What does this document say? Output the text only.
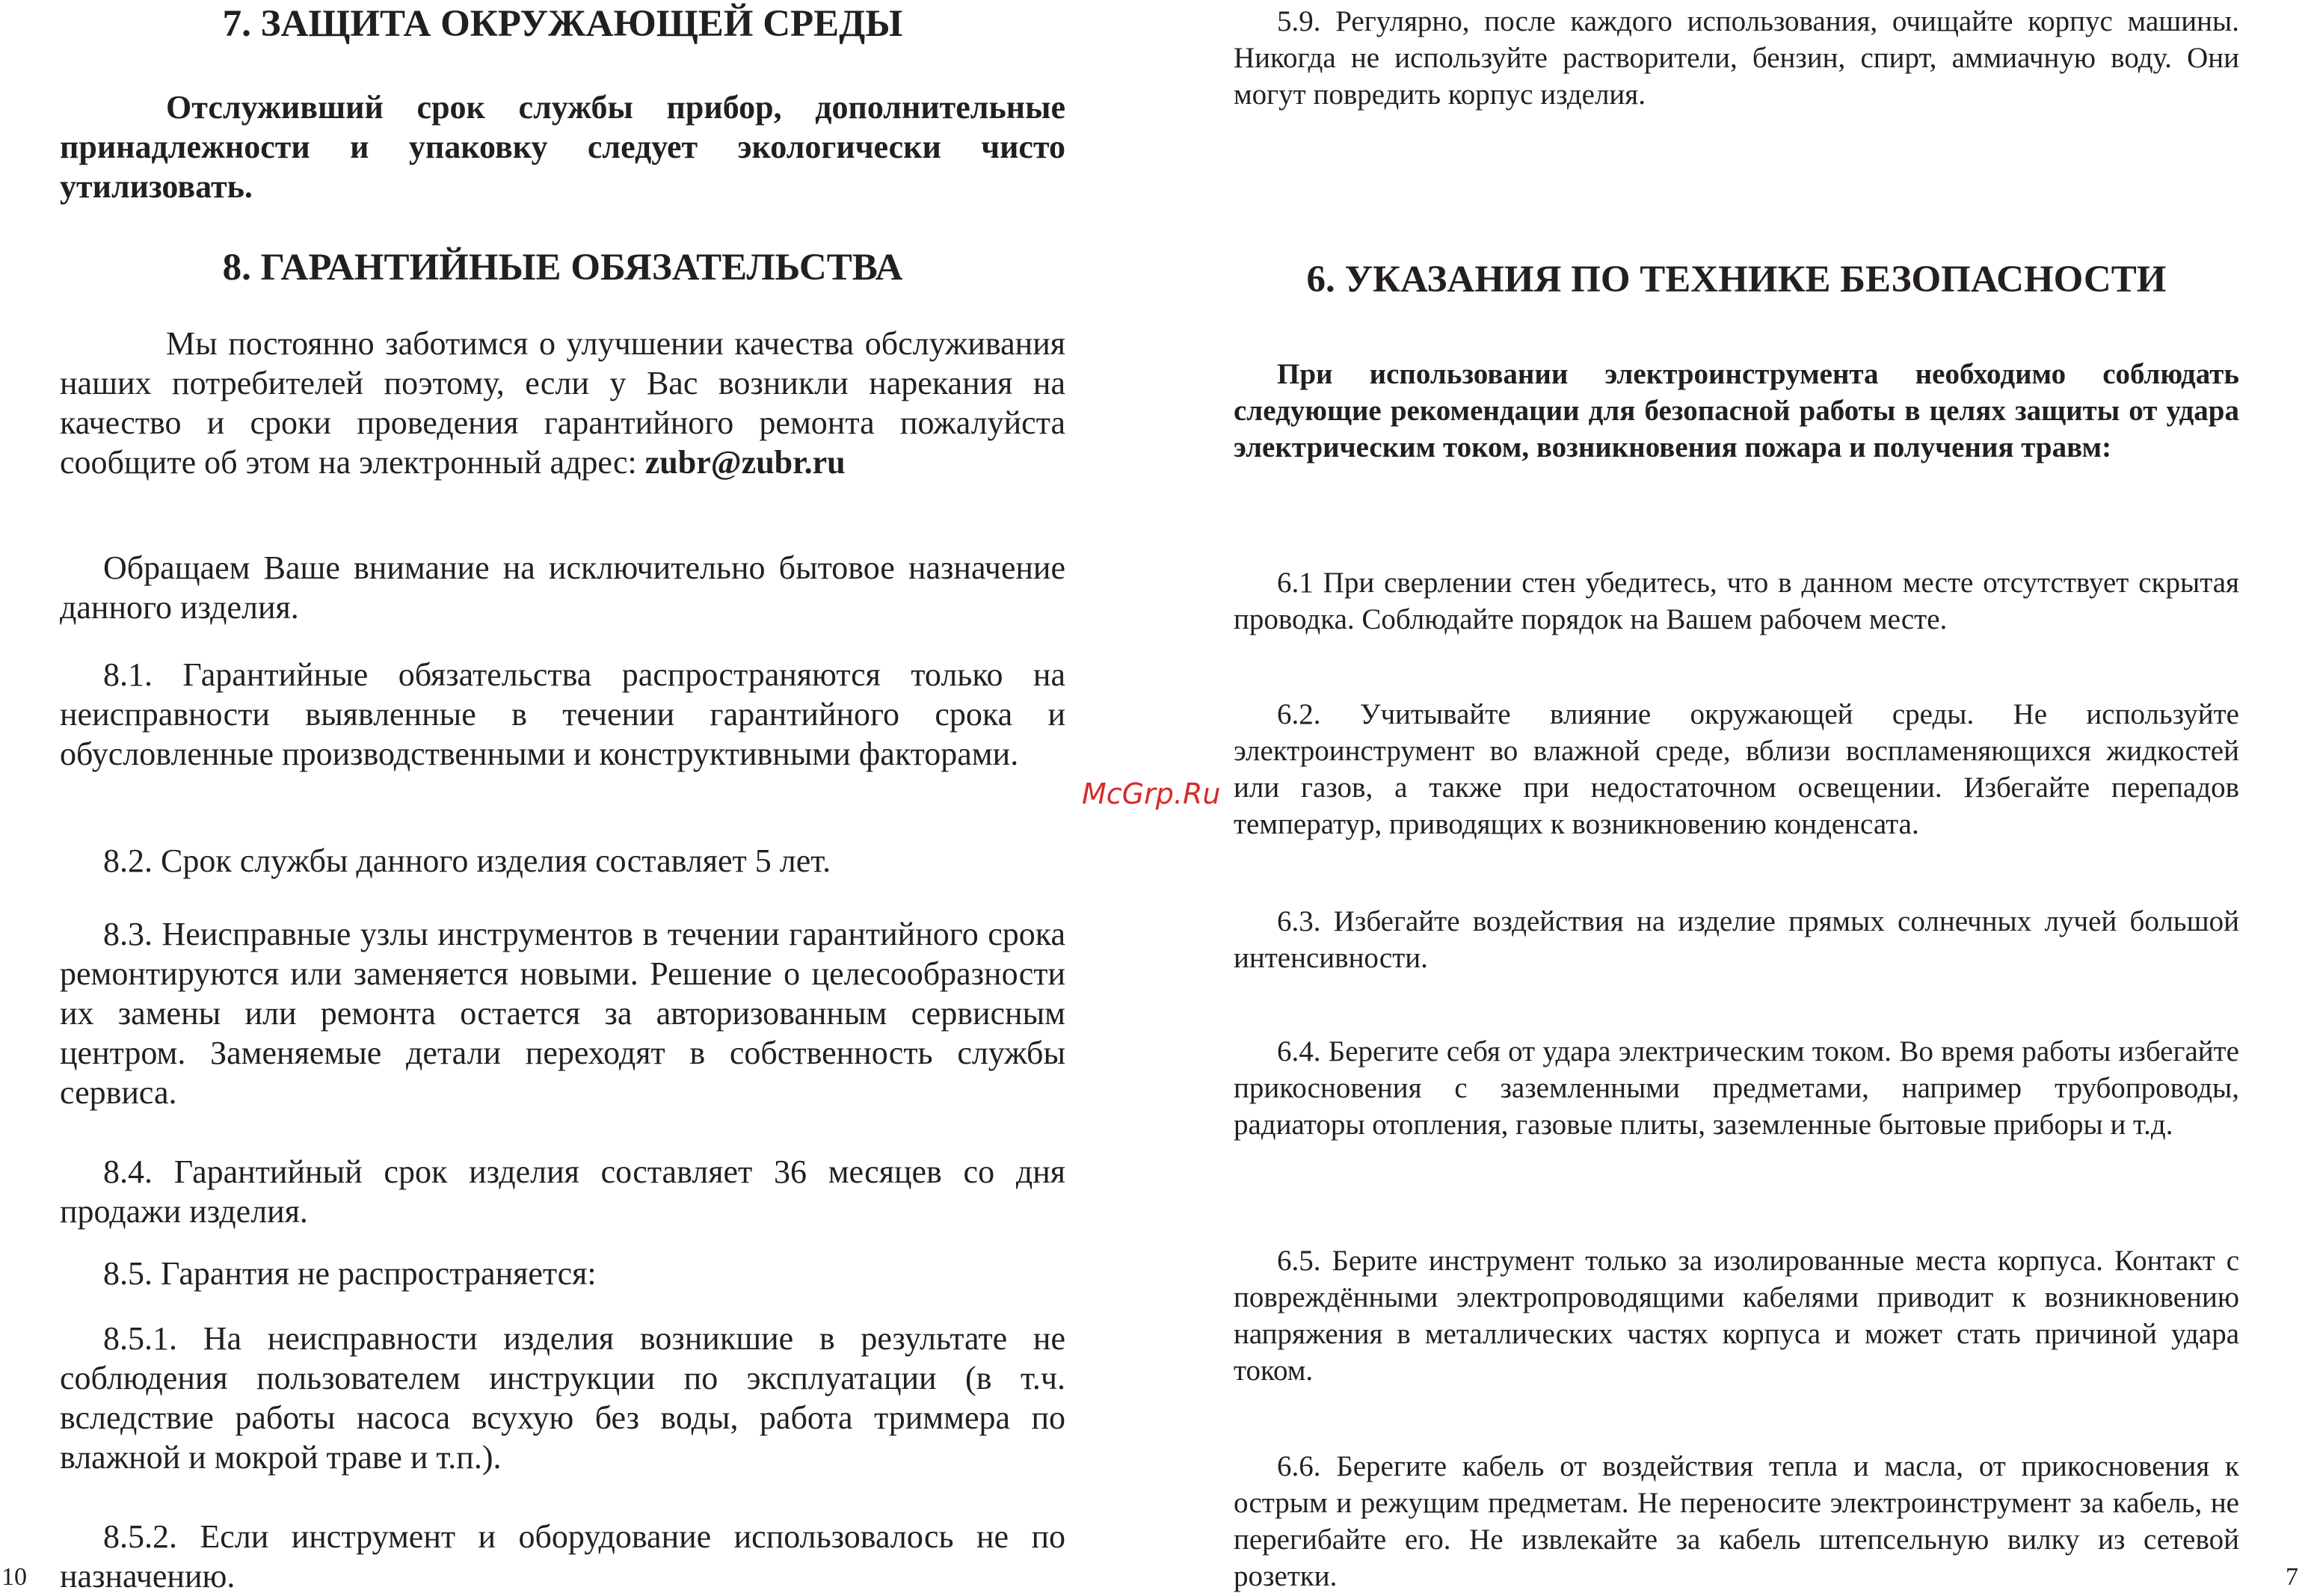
7. ЗАЩИТА ОКРУЖАЮЩЕЙ СРЕДЫ

Отслуживший срок службы прибор, дополнительные принадлежности и упаковку следует экологически чисто утилизовать.

8. ГАРАНТИЙНЫЕ ОБЯЗАТЕЛЬСТВА

Мы постоянно заботимся о улучшении качества обслуживания наших потребителей поэтому, если у Вас возникли нарекания на качество и сроки проведения гарантийного ремонта пожалуйста сообщите об этом на электронный адрес: zubr@zubr.ru

Обращаем Ваше внимание на исключительно бытовое назначение данного изделия.

8.1. Гарантийные обязательства распространяются только на неисправности выявленные в течении гарантийного срока и обусловленные производственными и конструктивными факторами.

8.2. Срок службы данного изделия составляет 5 лет.

8.3. Неисправные узлы инструментов в течении гарантийного срока ремонтируются или заменяется новыми. Решение о целесообразности их замены или ремонта остается за авторизованным сервисным центром. Заменяемые детали переходят в собственность службы сервиса.

8.4. Гарантийный срок изделия составляет 36 месяцев со дня продажи изделия.

8.5. Гарантия не распространяется:

8.5.1. На неисправности изделия возникшие в результате не соблюдения пользователем инструкции по эксплуатации (в т.ч. вследствие работы насоса всухую без воды, работа триммера по влажной и мокрой траве и т.п.).

8.5.2. Если инструмент и оборудование использовалось не по назначению.

10
McGrp.Ru

5.9. Регулярно, после каждого использования, очищайте корпус машины. Никогда не используйте растворители, бензин, спирт, аммиачную воду. Они могут повредить корпус изделия.

6. УКАЗАНИЯ ПО ТЕХНИКЕ БЕЗОПАСНОСТИ

При использовании электроинструмента необходимо соблюдать следующие рекомендации для безопасной работы в целях защиты от удара электрическим током, возникновения пожара и получения травм:

6.1 При сверлении стен убедитесь, что в данном месте отсутствует скрытая проводка. Соблюдайте порядок на Вашем рабочем месте.

6.2. Учитывайте влияние окружающей среды. Не используйте электроинструмент во влажной среде, вблизи воспламеняющихся жидкостей или газов, а также при недостаточном освещении. Избегайте перепадов температур, приводящих к возникновению конденсата.

6.3. Избегайте воздействия на изделие прямых солнечных лучей большой интенсивности.

6.4. Берегите себя от удара электрическим током. Во время работы избегайте прикосновения с заземленными предметами, например трубопроводы, радиаторы отопления, газовые плиты, заземленные бытовые приборы и т.д.

6.5. Берите инструмент только за изолированные места корпуса. Контакт с повреждёнными электропроводящими кабелями приводит к возникновению напряжения в металлических частях корпуса и может стать причиной удара током.

6.6. Берегите кабель от воздействия тепла и масла, от прикосновения к острым и режущим предметам. Не переносите электроинструмент за кабель, не перегибайте его. Не извлекайте за кабель штепсельную вилку из сетевой розетки.	7
